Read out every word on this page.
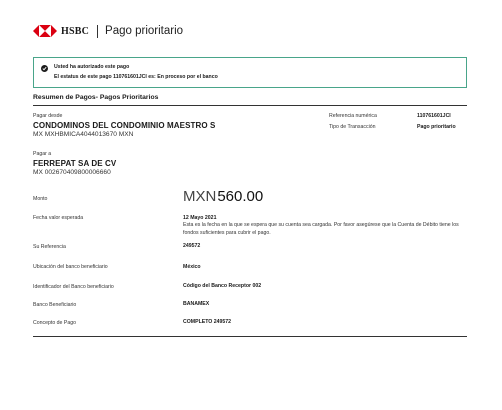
HSBC Pago prioritario
Usted ha autorizado este pago
El estatus de este pago 110761601JCI es: En proceso por el banco
Resumen de Pagos- Pagos Prioritarios
Pagar desde
CONDOMINOS DEL CONDOMINIO MAESTRO S
MX MXHBMICA4044013670 MXN
Referencia numérica	110761601JCI
Tipo de Transacción	Pago prioritario
Pagar a
FERREPAT SA DE CV
MX 002670409800006660
Monto	MXN 560.00
Fecha valor esperada	12 Mayo 2021
Esta es la fecha en la que se espera que su cuenta sea cargada. Por favor asegúrese que la Cuenta de Débito tiene los fondos suficientes para cubrir el pago.
Su Referencia	249572
Ubicación del banco beneficiario	México
Identificador del Banco beneficiario	Código del Banco Receptor 002
Banco Beneficiario	BANAMEX
Concepto de Pago	COMPLETO 249572
